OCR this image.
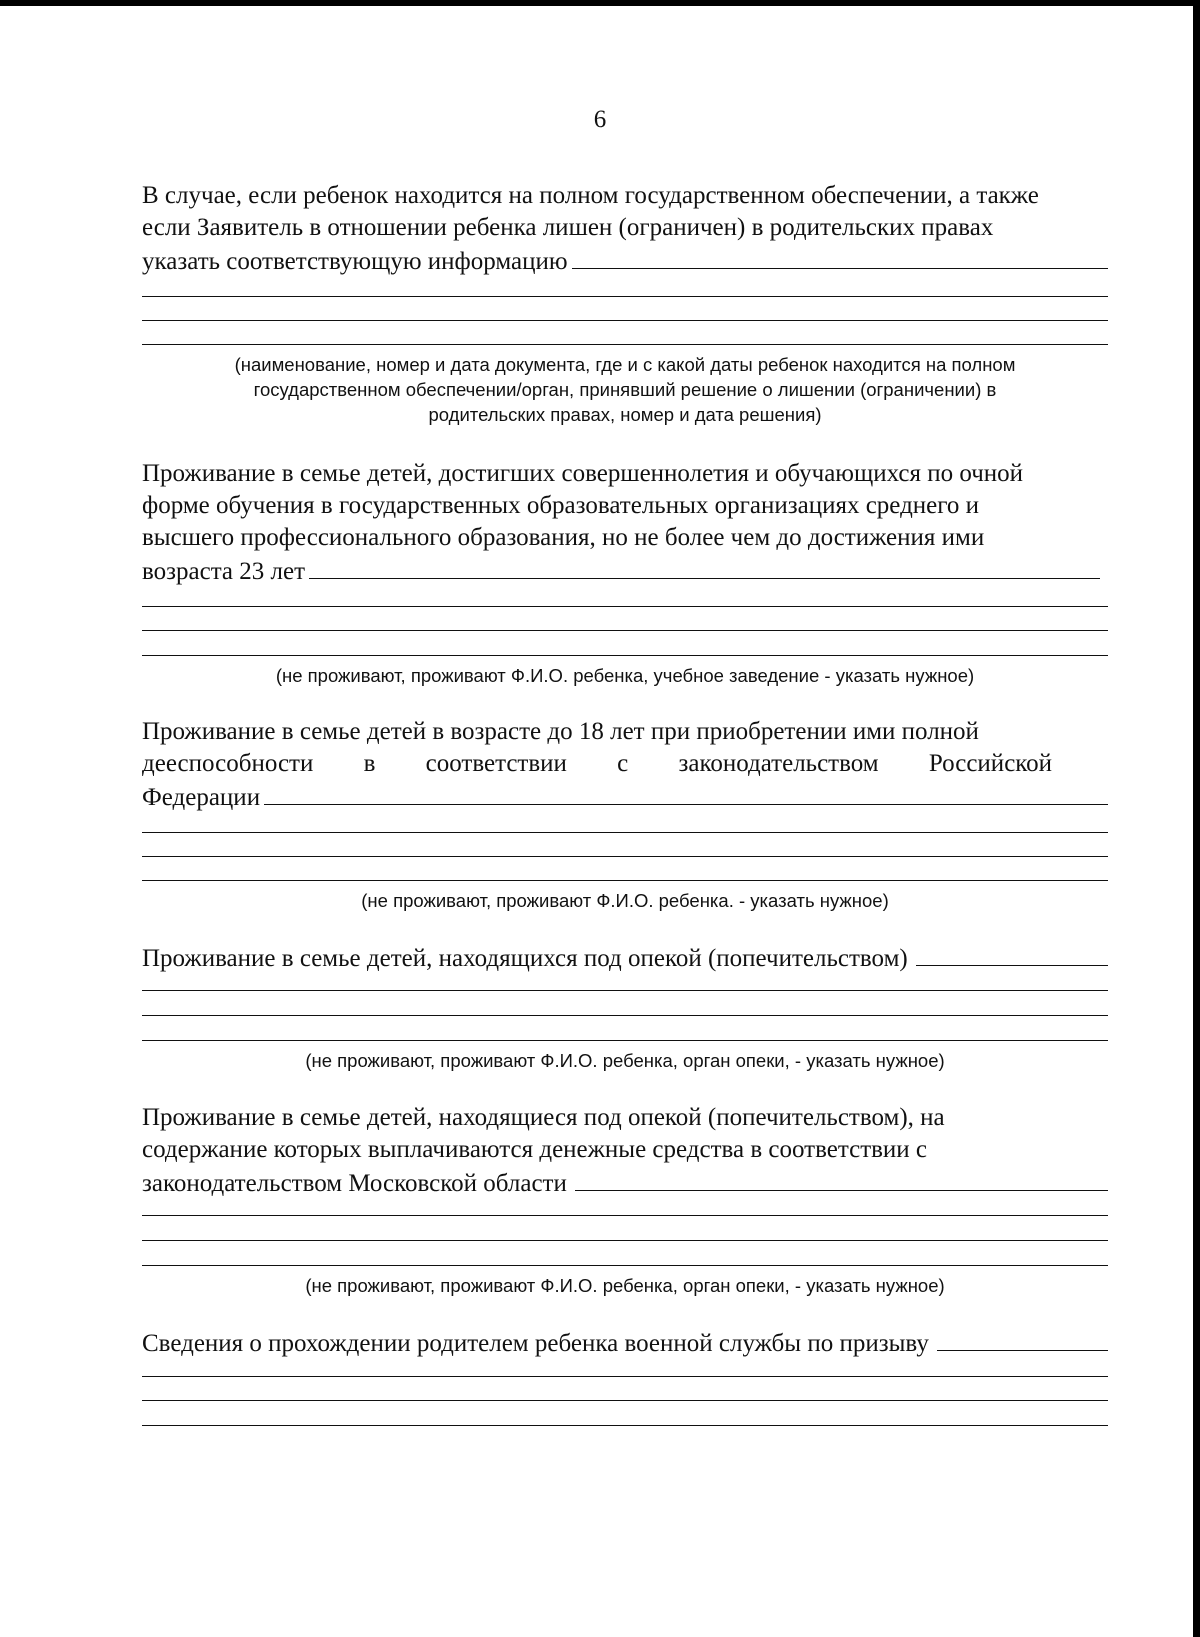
6
В случае, если ребенок находится на полном государственном обеспечении, а также
если Заявитель в отношении ребенка лишен (ограничен) в родительских правах
указать соответствующую информацию
(наименование, номер и дата документа, где и с какой даты ребенок находится на полном
государственном обеспечении/орган, принявший решение о лишении (ограничении) в
родительских правах, номер и дата решения)
Проживание в семье детей, достигших совершеннолетия и обучающихся по очной
форме обучения в государственных образовательных организациях среднего и
высшего профессионального образования, но не более чем до достижения ими
возраста 23 лет
(не проживают, проживают Ф.И.О. ребенка, учебное заведение - указать нужное)
Проживание в семье детей в возрасте до 18 лет при приобретении ими полной
дееспособности в соответствии с законодательством Российской
Федерации
(не проживают, проживают Ф.И.О. ребенка. - указать нужное)
Проживание в семье детей, находящихся под опекой (попечительством)
(не проживают, проживают Ф.И.О. ребенка, орган опеки, - указать нужное)
Проживание в семье детей, находящиеся под опекой (попечительством), на
содержание которых выплачиваются денежные средства в соответствии с
законодательством Московской области
(не проживают, проживают Ф.И.О. ребенка, орган опеки, - указать нужное)
Сведения о прохождении родителем ребенка военной службы по призыву
